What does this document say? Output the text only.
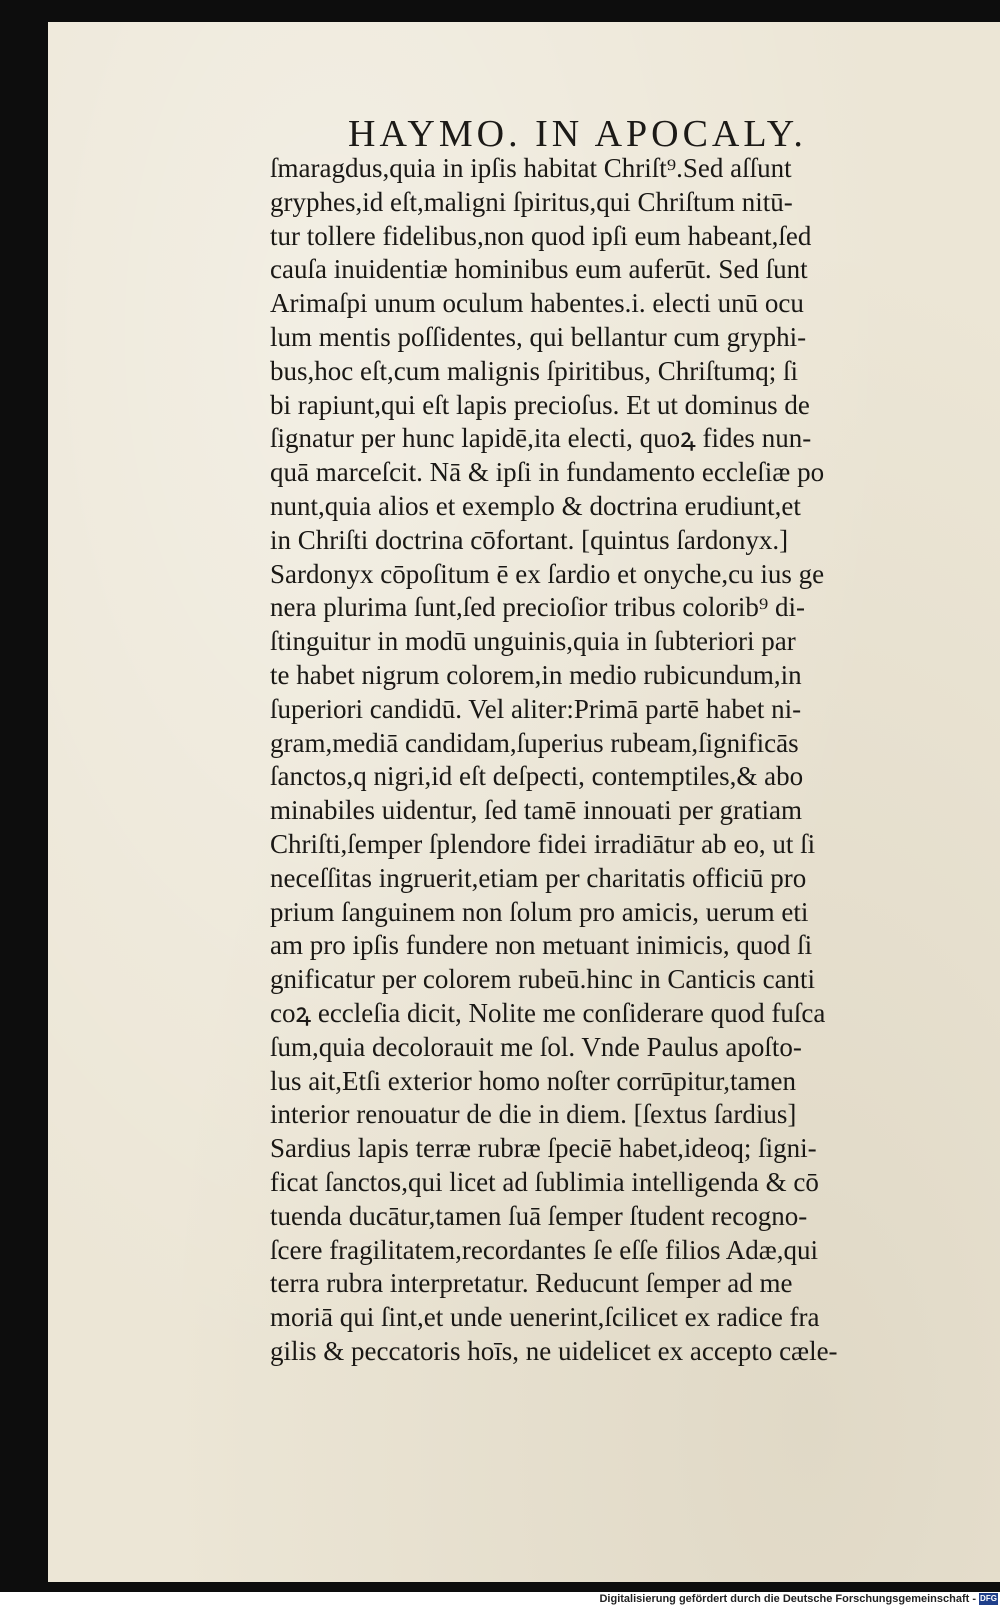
HAYMO. IN APOCALY.
ſmaragdus,quia in ipſis habitat Chriſt⁹.Sed aſſunt
gryphes,id eſt,maligni ſpiritus,qui Chriſtum nitū‐
tur tollere fidelibus,non quod ipſi eum habeant,ſed
cauſa inuidentiæ hominibus eum auferūt. Sed ſunt
Arimaſpi unum oculum habentes.i. electi unū ocu
lum mentis poſſidentes, qui bellantur cum gryphi‐
bus,hoc eſt,cum malignis ſpiritibus, Chriſtumq; ſi
bi rapiunt,qui eſt lapis precioſus. Et ut dominus de
ſignatur per hunc lapidē,ita electi, quoꝝ fides nun‐
quā marceſcit. Nā & ipſi in fundamento eccleſiæ po
nunt,quia alios et exemplo & doctrina erudiunt,et
in Chriſti doctrina cōfortant. [quintus ſardonyx.]
Sardonyx cōpoſitum ē ex ſardio et onyche,cu ius ge
nera plurima ſunt,ſed precioſior tribus colorib⁹ di‐
ſtinguitur in modū unguinis,quia in ſubteriori par
te habet nigrum colorem,in medio rubicundum,in
ſuperiori candidū. Vel aliter:Primā partē habet ni‐
gram,mediā candidam,ſuperius rubeam,ſignificās
ſanctos,q nigri,id eſt deſpecti, contemptiles,& abo
minabiles uidentur, ſed tamē innouati per gratiam
Chriſti,ſemper ſplendore fidei irradiātur ab eo, ut ſi
neceſſitas ingruerit,etiam per charitatis officiū pro
prium ſanguinem non ſolum pro amicis, uerum eti
am pro ipſis fundere non metuant inimicis, quod ſi
gnificatur per colorem rubeū.hinc in Canticis canti
coꝝ eccleſia dicit, Nolite me conſiderare quod fuſca
ſum,quia decolorauit me ſol. Vnde Paulus apoſto‐
lus ait,Etſi exterior homo noſter corrūpitur,tamen
interior renouatur de die in diem. [ſextus ſardius]
Sardius lapis terræ rubræ ſpeciē habet,ideoq; ſigni‐
ficat ſanctos,qui licet ad ſublimia intelligenda & cō
tuenda ducātur,tamen ſuā ſemper ſtudent recogno‐
ſcere fragilitatem,recordantes ſe eſſe filios Adæ,qui
terra rubra interpretatur. Reducunt ſemper ad me
moriā qui ſint,et unde uenerint,ſcilicet ex radice fra
gilis & peccatoris hoīs, ne uidelicet ex accepto cæle‐
Digitalisierung gefördert durch die Deutsche Forschungsgemeinschaft - DFG
